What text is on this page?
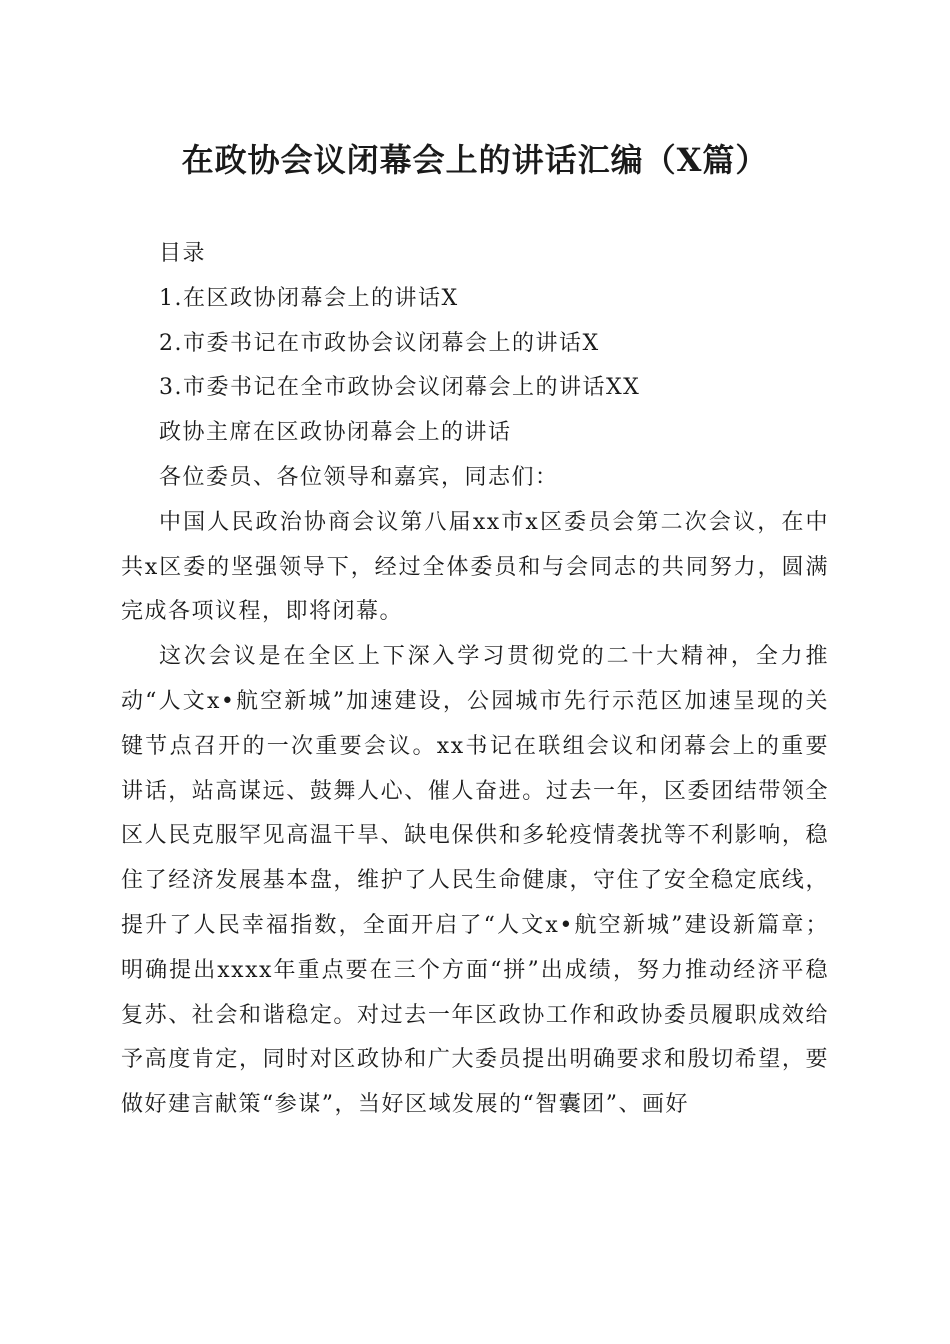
在政协会议闭幕会上的讲话汇编（X篇）

目录

1.在区政协闭幕会上的讲话X

2.市委书记在市政协会议闭幕会上的讲话X

3.市委书记在全市政协会议闭幕会上的讲话XX

政协主席在区政协闭幕会上的讲话

各位委员、各位领导和嘉宾，同志们：

中国人民政治协商会议第八届xx市x区委员会第二次会议，在中共x区委的坚强领导下，经过全体委员和与会同志的共同努力，圆满完成各项议程，即将闭幕。

这次会议是在全区上下深入学习贯彻党的二十大精神，全力推动“人文x•航空新城”加速建设，公园城市先行示范区加速呈现的关键节点召开的一次重要会议。xx书记在联组会议和闭幕会上的重要讲话，站高谋远、鼓舞人心、催人奋进。过去一年，区委团结带领全区人民克服罕见高温干旱、缺电保供和多轮疫情袭扰等不利影响，稳住了经济发展基本盘，维护了人民生命健康，守住了安全稳定底线，提升了人民幸福指数，全面开启了“人文x•航空新城”建设新篇章；明确提出xxxx年重点要在三个方面“拼”出成绩，努力推动经济平稳复苏、社会和谐稳定。对过去一年区政协工作和政协委员履职成效给予高度肯定，同时对区政协和广大委员提出明确要求和殷切希望，要做好建言献策“参谋”，当好区域发展的“智囊团”、画好
